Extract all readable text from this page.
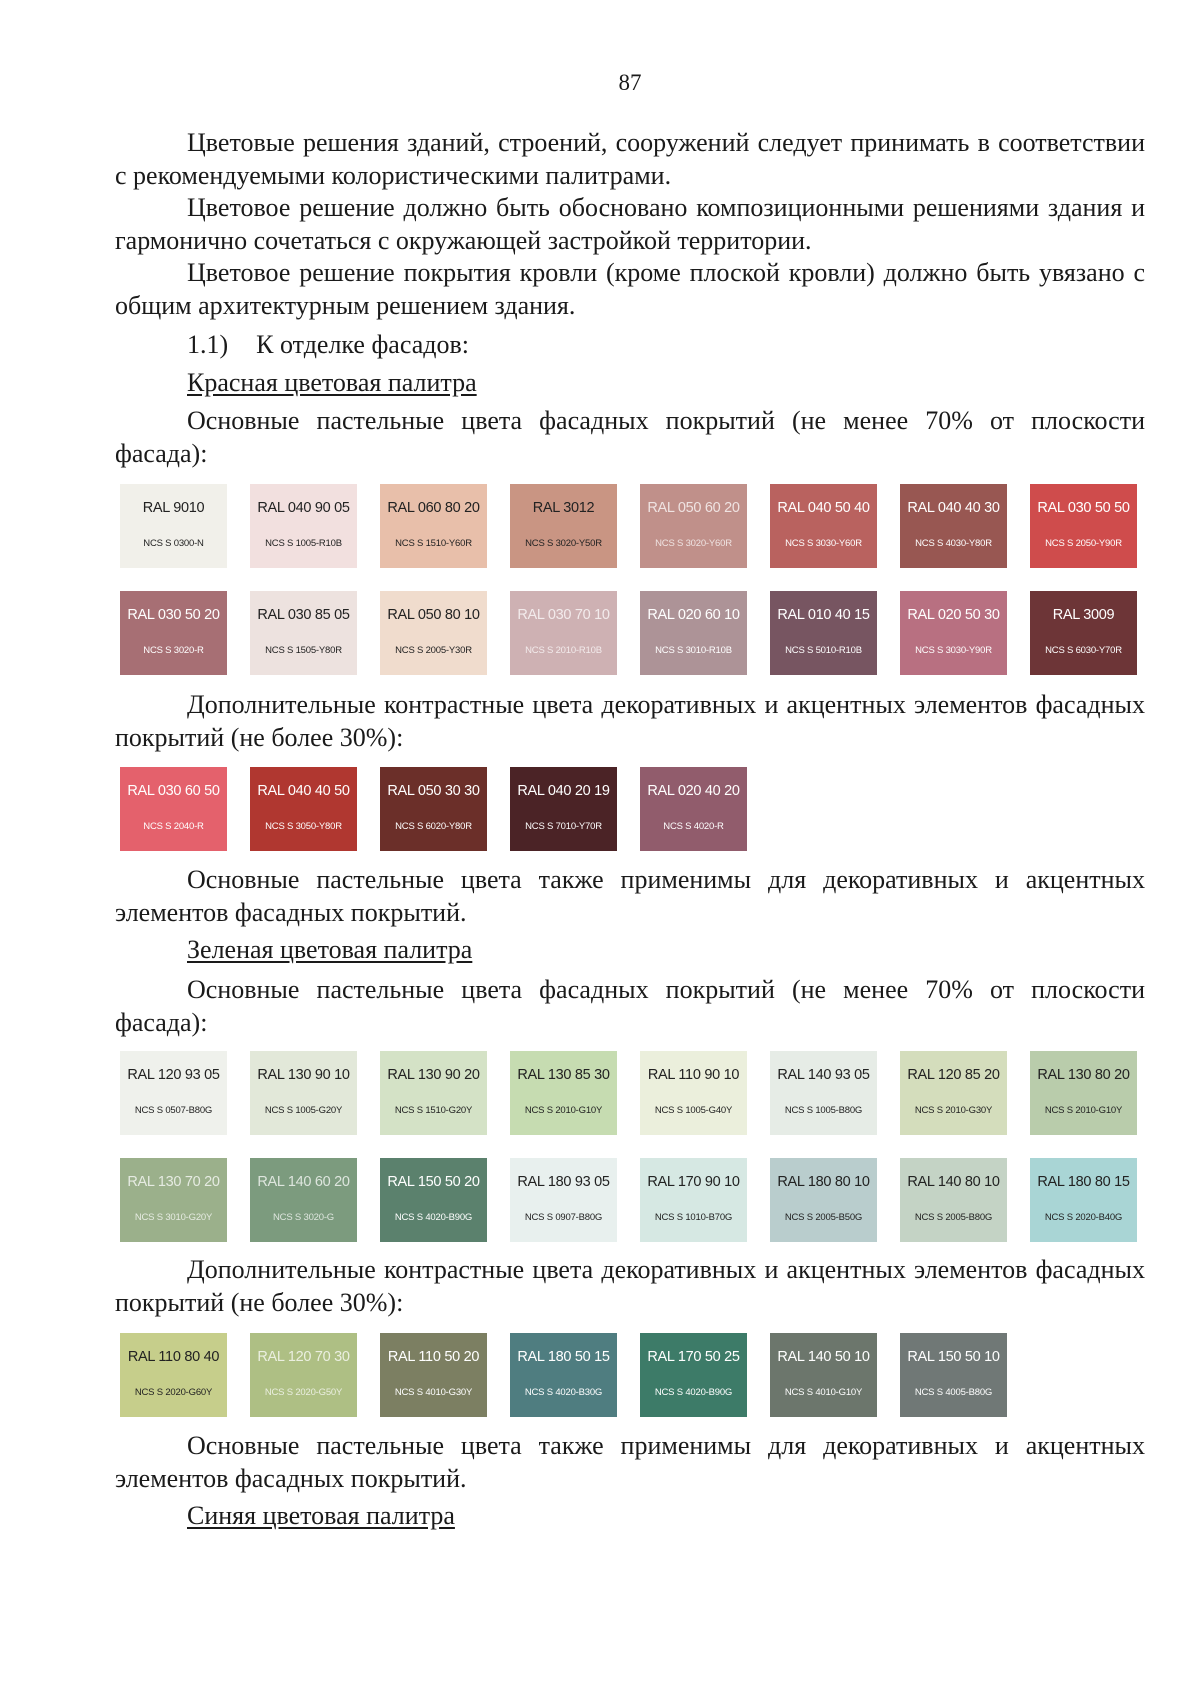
87
Цветовые решения зданий, строений, сооружений следует принимать в соответствии с рекомендуемыми колористическими палитрами.
Цветовое решение должно быть обосновано композиционными решениями здания и гармонично сочетаться с окружающей застройкой территории.
Цветовое решение покрытия кровли (кроме плоской кровли) должно быть увязано с общим архитектурным решением здания.
1.1) К отделке фасадов:
Красная цветовая палитра
Основные пастельные цвета фасадных покрытий (не менее 70% от плоскости фасада):
RAL 9010
NCS S 0300-N
RAL 040 90 05
NCS S 1005-R10B
RAL 060 80 20
NCS S 1510-Y60R
RAL 3012
NCS S 3020-Y50R
RAL 050 60 20
NCS S 3020-Y60R
RAL 040 50 40
NCS S 3030-Y60R
RAL 040 40 30
NCS S 4030-Y80R
RAL 030 50 50
NCS S 2050-Y90R
RAL 030 50 20
NCS S 3020-R
RAL 030 85 05
NCS S 1505-Y80R
RAL 050 80 10
NCS S 2005-Y30R
RAL 030 70 10
NCS S 2010-R10B
RAL 020 60 10
NCS S 3010-R10B
RAL 010 40 15
NCS S 5010-R10B
RAL 020 50 30
NCS S 3030-Y90R
RAL 3009
NCS S 6030-Y70R
Дополнительные контрастные цвета декоративных и акцентных элементов фасадных покрытий (не более 30%):
RAL 030 60 50
NCS S 2040-R
RAL 040 40 50
NCS S 3050-Y80R
RAL 050 30 30
NCS S 6020-Y80R
RAL 040 20 19
NCS S 7010-Y70R
RAL 020 40 20
NCS S 4020-R
Основные пастельные цвета также применимы для декоративных и акцентных элементов фасадных покрытий.
Зеленая цветовая палитра
Основные пастельные цвета фасадных покрытий (не менее 70% от плоскости фасада):
RAL 120 93 05
NCS S 0507-B80G
RAL 130 90 10
NCS S 1005-G20Y
RAL 130 90 20
NCS S 1510-G20Y
RAL 130 85 30
NCS S 2010-G10Y
RAL 110 90 10
NCS S 1005-G40Y
RAL 140 93 05
NCS S 1005-B80G
RAL 120 85 20
NCS S 2010-G30Y
RAL 130 80 20
NCS S 2010-G10Y
RAL 130 70 20
NCS S 3010-G20Y
RAL 140 60 20
NCS S 3020-G
RAL 150 50 20
NCS S 4020-B90G
RAL 180 93 05
NCS S 0907-B80G
RAL 170 90 10
NCS S 1010-B70G
RAL 180 80 10
NCS S 2005-B50G
RAL 140 80 10
NCS S 2005-B80G
RAL 180 80 15
NCS S 2020-B40G
Дополнительные контрастные цвета декоративных и акцентных элементов фасадных покрытий (не более 30%):
RAL 110 80 40
NCS S 2020-G60Y
RAL 120 70 30
NCS S 2020-G50Y
RAL 110 50 20
NCS S 4010-G30Y
RAL 180 50 15
NCS S 4020-B30G
RAL 170 50 25
NCS S 4020-B90G
RAL 140 50 10
NCS S 4010-G10Y
RAL 150 50 10
NCS S 4005-B80G
Основные пастельные цвета также применимы для декоративных и акцентных элементов фасадных покрытий.
Синяя цветовая палитра
